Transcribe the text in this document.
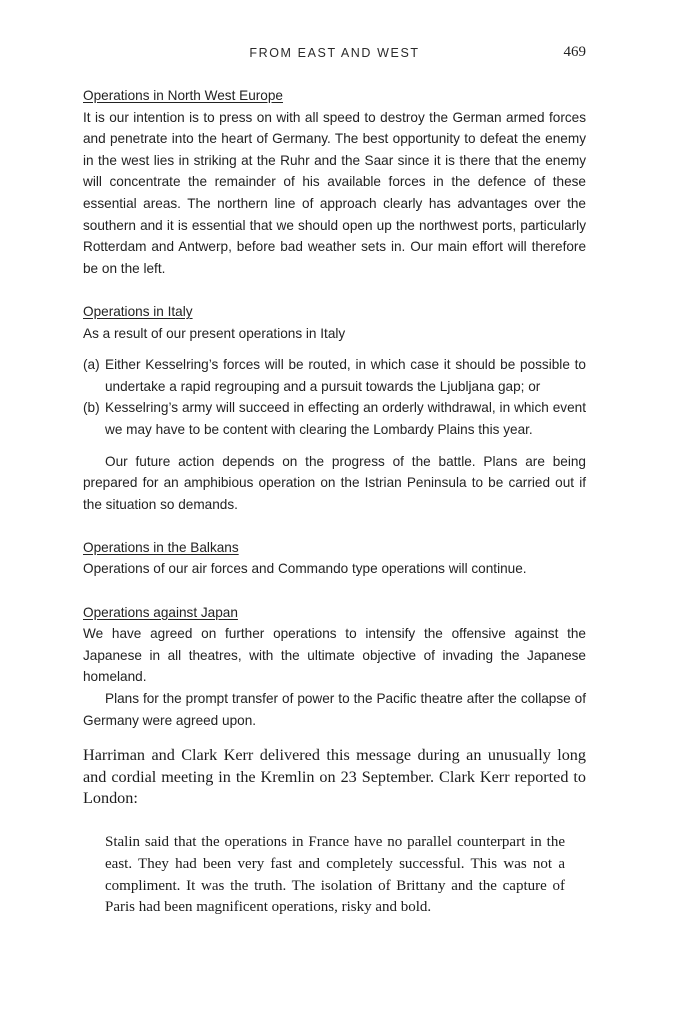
FROM EAST AND WEST	469
Operations in North West Europe

It is our intention is to press on with all speed to destroy the German armed forces and penetrate into the heart of Germany. The best opportunity to defeat the enemy in the west lies in striking at the Ruhr and the Saar since it is there that the enemy will concentrate the remainder of his available forces in the defence of these essential areas. The northern line of approach clearly has advantages over the southern and it is essential that we should open up the northwest ports, particularly Rotterdam and Antwerp, before bad weather sets in. Our main effort will therefore be on the left.

Operations in Italy

As a result of our present operations in Italy

(a) Either Kesselring’s forces will be routed, in which case it should be possible to undertake a rapid regrouping and a pursuit towards the Ljubljana gap; or
(b) Kesselring’s army will succeed in effecting an orderly withdrawal, in which event we may have to be content with clearing the Lombardy Plains this year.

Our future action depends on the progress of the battle. Plans are being prepared for an amphibious operation on the Istrian Peninsula to be carried out if the situation so demands.

Operations in the Balkans

Operations of our air forces and Commando type operations will continue.

Operations against Japan

We have agreed on further operations to intensify the offensive against the Japanese in all theatres, with the ultimate objective of invading the Japanese homeland.

Plans for the prompt transfer of power to the Pacific theatre after the collapse of Germany were agreed upon.

Harriman and Clark Kerr delivered this message during an unusually long and cordial meeting in the Kremlin on 23 September. Clark Kerr reported to London:

Stalin said that the operations in France have no parallel counterpart in the east. They had been very fast and completely successful. This was not a compliment. It was the truth. The isolation of Brittany and the capture of Paris had been magnificent operations, risky and bold.
